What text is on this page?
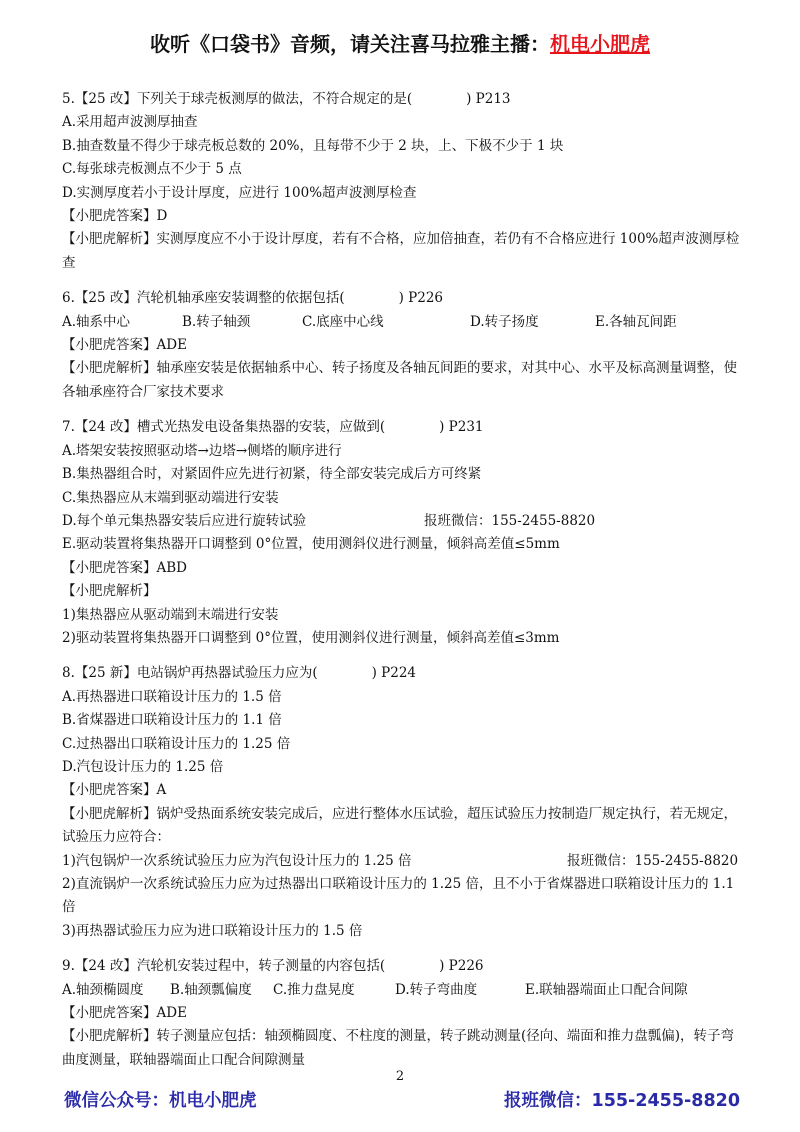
收听《口袋书》音频，请关注喜马拉雅主播：机电小肥虎
5.【25 改】下列关于球壳板测厚的做法，不符合规定的是(　　　　) P213
A.采用超声波测厚抽查
B.抽查数量不得少于球壳板总数的 20%，且每带不少于 2 块，上、下极不少于 1 块
C.每张球壳板测点不少于 5 点
D.实测厚度若小于设计厚度，应进行 100%超声波测厚检查
【小肥虎答案】D
【小肥虎解析】实测厚度应不小于设计厚度，若有不合格，应加倍抽查，若仍有不合格应进行 100%超声波测厚检查
6.【25 改】汽轮机轴承座安装调整的依据包括(　　　　) P226
A.轴系中心	B.转子轴颈	C.底座中心线	D.转子扬度	E.各轴瓦间距
【小肥虎答案】ADE
【小肥虎解析】轴承座安装是依据轴系中心、转子扬度及各轴瓦间距的要求，对其中心、水平及标高测量调整，使各轴承座符合厂家技术要求
7.【24 改】槽式光热发电设备集热器的安装，应做到(　　　　) P231
A.塔架安装按照驱动塔→边塔→侧塔的顺序进行
B.集热器组合时，对紧固件应先进行初紧，待全部安装完成后方可终紧
C.集热器应从末端到驱动端进行安装
D.每个单元集热器安装后应进行旋转试验	报班微信：155-2455-8820
E.驱动装置将集热器开口调整到 0°位置，使用测斜仪进行测量，倾斜高差值≤5mm
【小肥虎答案】ABD
【小肥虎解析】
1)集热器应从驱动端到末端进行安装
2)驱动装置将集热器开口调整到 0°位置，使用测斜仪进行测量，倾斜高差值≤3mm
8.【25 新】电站锅炉再热器试验压力应为(　　　　) P224
A.再热器进口联箱设计压力的 1.5 倍
B.省煤器进口联箱设计压力的 1.1 倍
C.过热器出口联箱设计压力的 1.25 倍
D.汽包设计压力的 1.25 倍
【小肥虎答案】A
【小肥虎解析】锅炉受热面系统安装完成后，应进行整体水压试验，超压试验压力按制造厂规定执行，若无规定，试验压力应符合：
1)汽包锅炉一次系统试验压力应为汽包设计压力的 1.25 倍	报班微信：155-2455-8820
2)直流锅炉一次系统试验压力应为过热器出口联箱设计压力的 1.25 倍，且不小于省煤器进口联箱设计压力的 1.1 倍
3)再热器试验压力应为进口联箱设计压力的 1.5 倍
9.【24 改】汽轮机安装过程中，转子测量的内容包括(　　　　) P226
A.轴颈椭圆度	B.轴颈瓢偏度	C.推力盘晃度	D.转子弯曲度	E.联轴器端面止口配合间隙
【小肥虎答案】ADE
【小肥虎解析】转子测量应包括：轴颈椭圆度、不柱度的测量，转子跳动测量(径向、端面和推力盘瓢偏)，转子弯曲度测量，联轴器端面止口配合间隙测量
2
微信公众号：机电小肥虎	报班微信：155-2455-8820
